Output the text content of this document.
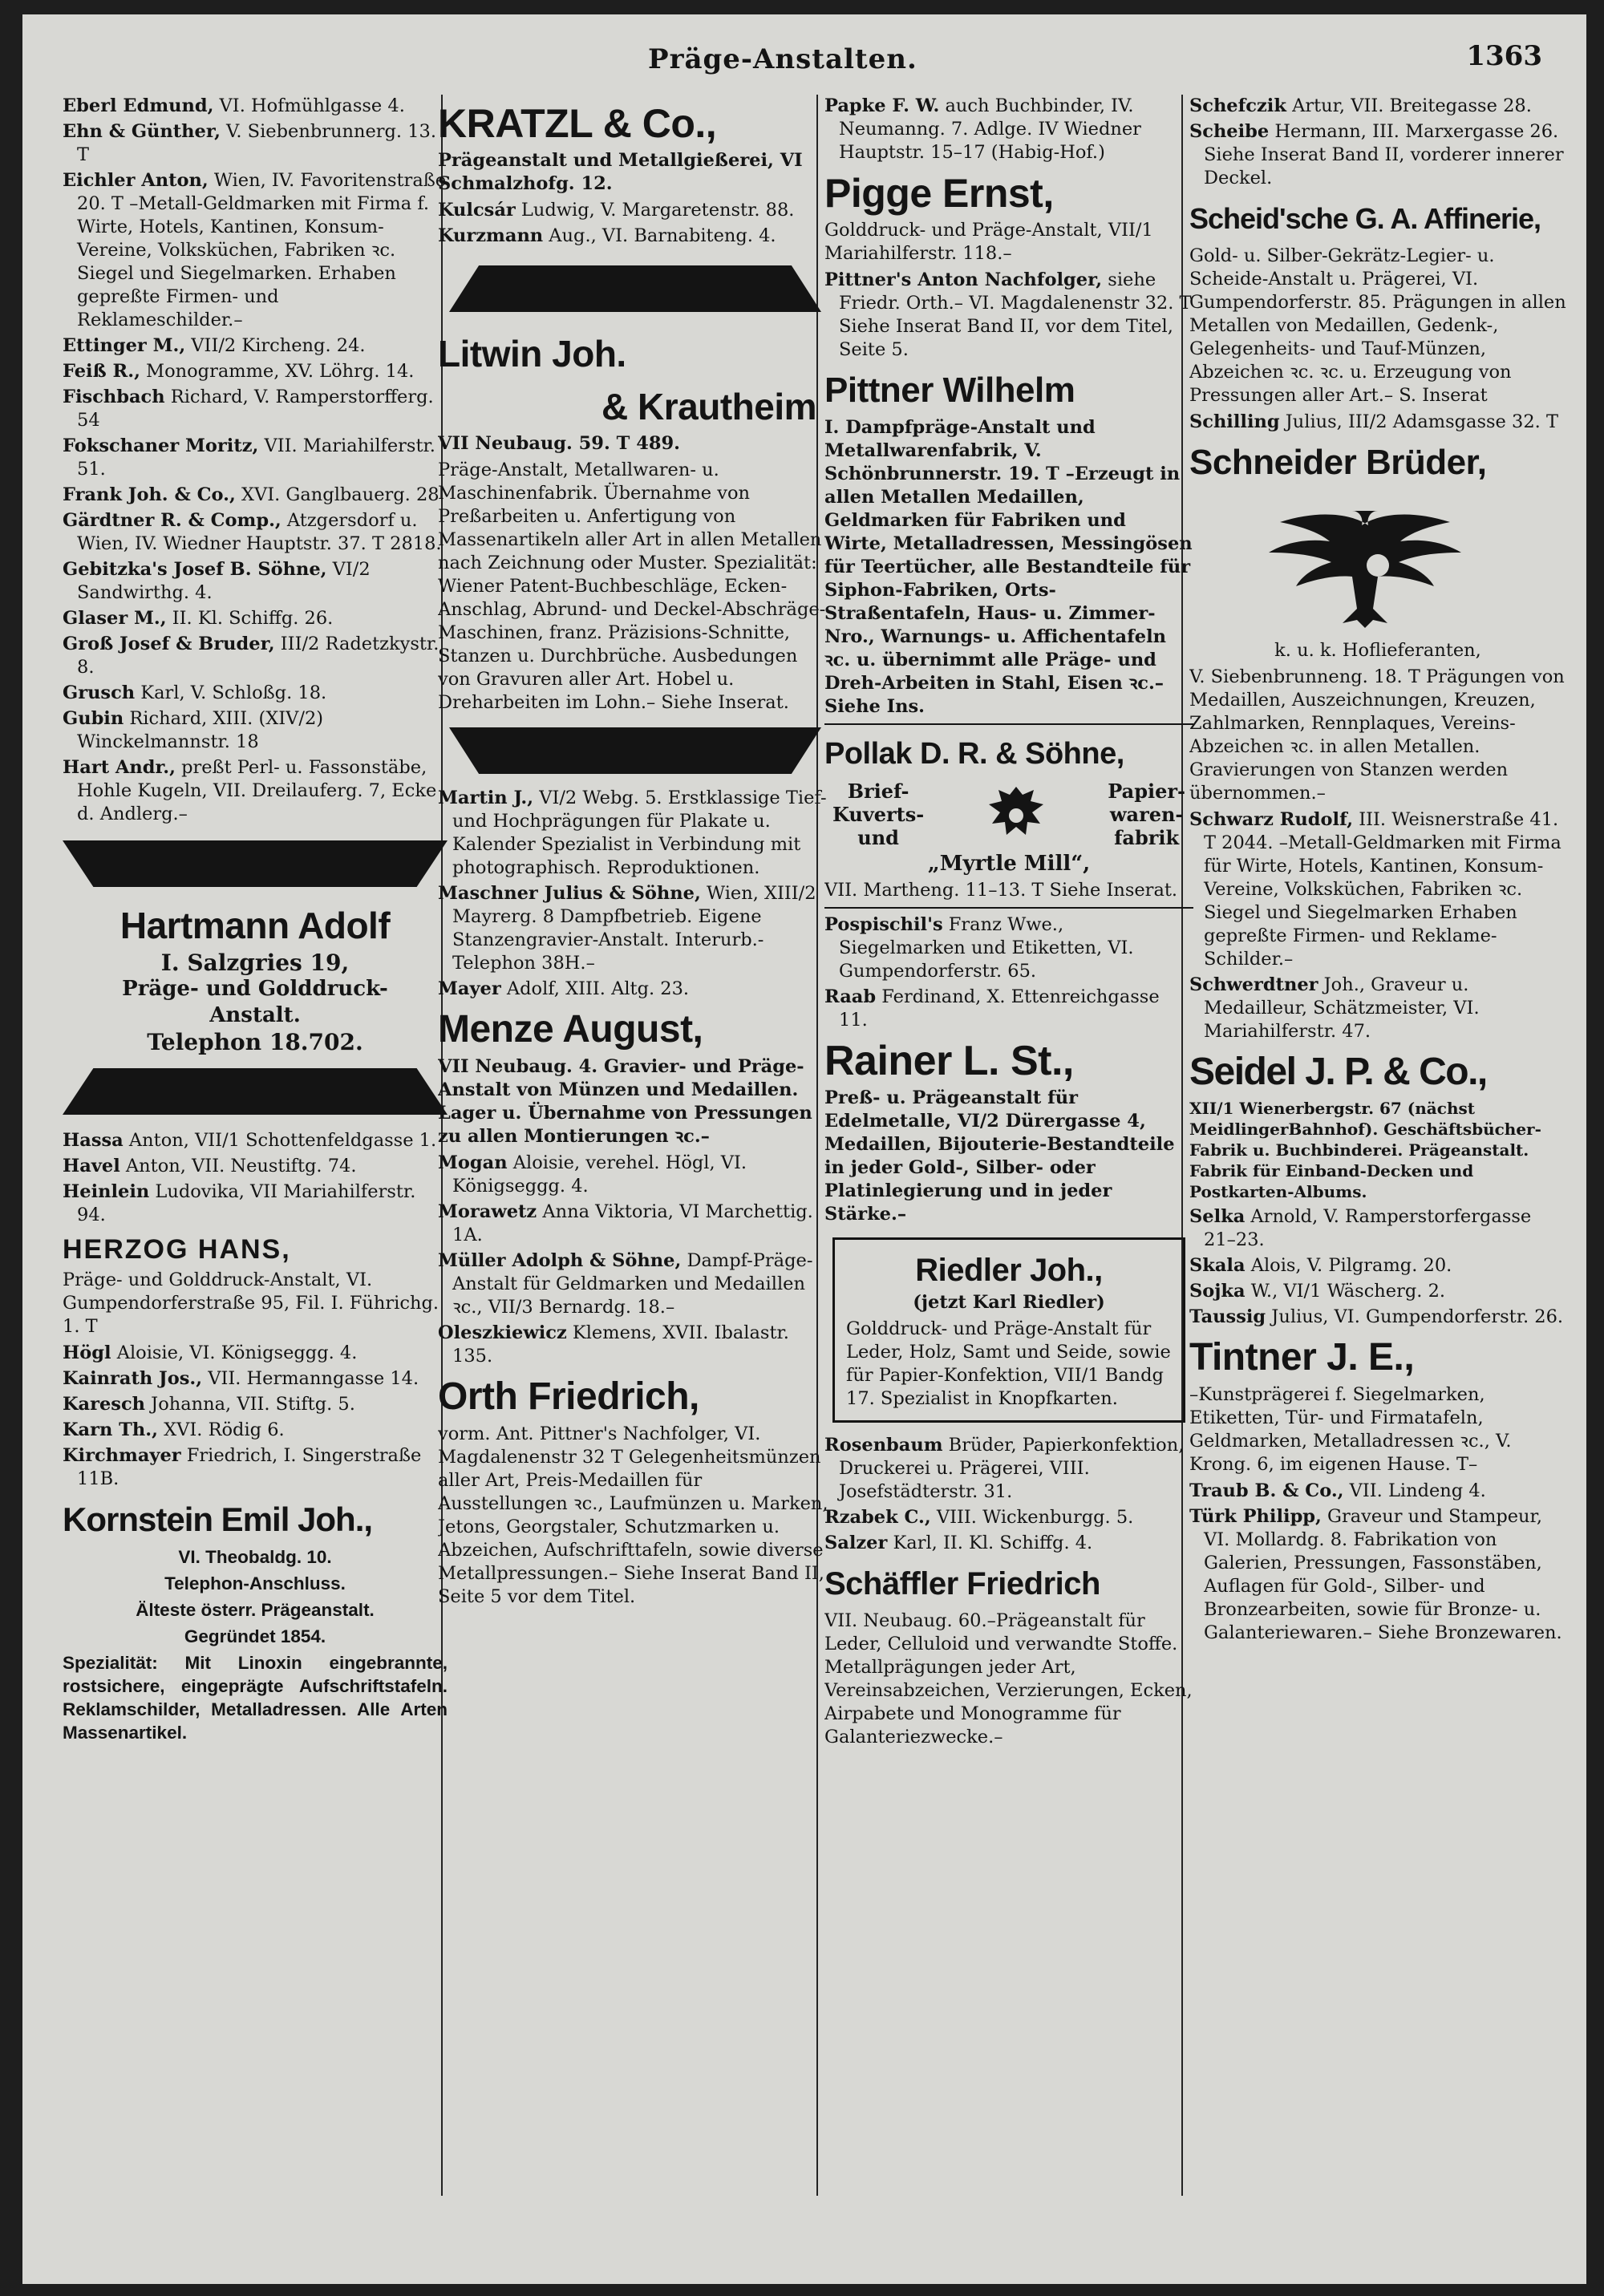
Präge-Anstalten.	1363

Eberl Edmund, VI. Hofmühlgasse 4.

Ehn & Günther, V. Siebenbrunnerg. 13. T

Eichler Anton, Wien, IV. Favoritenstraße 20. T –Metall-Geldmarken mit Firma f. Wirte, Hotels, Kantinen, Konsum-Vereine, Volksküchen, Fabriken ꝛc. Siegel und Siegelmarken. Erhaben gepreßte Firmen- und Reklameschilder.–

Ettinger M., VII/2 Kircheng. 24.

Feiß R., Monogramme, XV. Löhrg. 14.

Fischbach Richard, V. Ramperstorfferg. 54

Fokschaner Moritz, VII. Mariahilferstr. 51.

Frank Joh. & Co., XVI. Ganglbauerg. 28

Gärdtner R. & Comp., Atzgersdorf u. Wien, IV. Wiedner Hauptstr. 37. T 2818.

Gebitzka's Josef B. Söhne, VI/2 Sandwirthg. 4.

Glaser M., II. Kl. Schiffg. 26.

Groß Josef & Bruder, III/2 Radetzkystr. 8.

Grusch Karl, V. Schloßg. 18.

Gubin Richard, XIII. (XIV/2) Winckelmannstr. 18

Hart Andr., preßt Perl- u. Fassonstäbe, Hohle Kugeln, VII. Dreilauferg. 7, Ecke d. Andlerg.–

Hartmann Adolf
I. Salzgries 19,
Präge- und Golddruck-
Anstalt.
Telephon 18.702.

Hassa Anton, VII/1 Schottenfeldgasse 1.

Havel Anton, VII. Neustiftg. 74.

Heinlein Ludovika, VII Mariahilferstr. 94.

HERZOG HANS,
Präge- und Golddruck-Anstalt, VI. Gumpendorferstraße 95, Fil. I. Führichg. 1. T

Högl Aloisie, VI. Königseggg. 4.

Kainrath Jos., VII. Hermanngasse 14.

Karesch Johanna, VII. Stiftg. 5.

Karn Th., XVI. Rödig 6.

Kirchmayer Friedrich, I. Singerstraße 11B.

Kornstein Emil Joh.,
VI. Theobaldg. 10.
Telephon-Anschluss.
Älteste österr. Prägeanstalt.
Gegründet 1854.
Spezialität: Mit Linoxin eingebrannte, rostsichere, eingeprägte Aufschriftstafeln. Reklamschilder, Metalladressen. Alle Arten Massenartikel.
KRATZL & Co.,
Prägeanstalt und Metallgießerei, VI Schmalzhofg. 12.

Kulcsár Ludwig, V. Margaretenstr. 88.

Kurzmann Aug., VI. Barnabiteng. 4.

Litwin Joh.
& Krautheim
VII Neubaug. 59. T 489.
Präge-Anstalt, Metallwaren- u. Maschinenfabrik. Übernahme von Preßarbeiten u. Anfertigung von Massenartikeln aller Art in allen Metallen nach Zeichnung oder Muster. Spezialität: Wiener Patent-Buchbeschläge, Ecken-Anschlag, Abrund- und Deckel-Abschräge-Maschinen, franz. Präzisions-Schnitte, Stanzen u. Durchbrüche. Ausbedungen von Gravuren aller Art. Hobel u. Dreharbeiten im Lohn.– Siehe Inserat.

Martin J., VI/2 Webg. 5. Erstklassige Tief- und Hochprägungen für Plakate u. Kalender Spezialist in Verbindung mit photographisch. Reproduktionen.

Maschner Julius & Söhne, Wien, XIII/2 Mayrerg. 8 Dampfbetrieb. Eigene Stanzengravier-Anstalt. Interurb.-Telephon 38H.–

Mayer Adolf, XIII. Altg. 23.

Menze August,
VII Neubaug. 4. Gravier- und Präge-Anstalt von Münzen und Medaillen. Lager u. Übernahme von Pressungen zu allen Montierungen ꝛc.–

Mogan Aloisie, verehel. Högl, VI. Königseggg. 4.

Morawetz Anna Viktoria, VI Marchettig. 1A.

Müller Adolph & Söhne, Dampf-Präge-Anstalt für Geldmarken und Medaillen ꝛc., VII/3 Bernardg. 18.–

Oleszkiewicz Klemens, XVII. Ibalastr. 135.

Orth Friedrich,
vorm. Ant. Pittner's Nachfolger, VI. Magdalenenstr 32 T Gelegenheitsmünzen aller Art, Preis-Medaillen für Ausstellungen ꝛc., Laufmünzen u. Marken, Jetons, Georgstaler, Schutzmarken u. Abzeichen, Aufschrifttafeln, sowie diverse Metallpressungen.– Siehe Inserat Band II, Seite 5 vor dem Titel.

Papke F. W. auch Buchbinder, IV. Neumanng. 7. Adlge. IV Wiedner Hauptstr. 15–17 (Habig-Hof.)

Pigge Ernst,
Golddruck- und Präge-Anstalt, VII/1 Mariahilferstr. 118.–

Pittner's Anton Nachfolger, siehe Friedr. Orth.– VI. Magdalenenstr 32. T Siehe Inserat Band II, vor dem Titel, Seite 5.

Pittner Wilhelm
I. Dampfpräge-Anstalt und Metallwarenfabrik, V. Schönbrunnerstr. 19. T –Erzeugt in allen Metallen Medaillen, Geldmarken für Fabriken und Wirte, Metalladressen, Messingösen für Teertücher, alle Bestandteile für Siphon-Fabriken, Orts-Straßentafeln, Haus- u. Zimmer-Nro., Warnungs- u. Affichentafeln ꝛc. u. übernimmt alle Präge- und Dreh-Arbeiten in Stahl, Eisen ꝛc.– Siehe Ins.
Pollak D. R. & Söhne,
Brief-
Kuverts-
und
Papier-
waren-
fabrik
„Myrtle Mill“,
VII. Martheng. 11–13. T Siehe Inserat.

Pospischil's Franz Wwe., Siegelmarken und Etiketten, VI. Gumpendorferstr. 65.

Raab Ferdinand, X. Ettenreichgasse 11.

Rainer L. St.,
Preß- u. Prägeanstalt für Edelmetalle, VI/2 Dürergasse 4, Medaillen, Bijouterie-Bestandteile in jeder Gold-, Silber- oder Platinlegierung und in jeder Stärke.–
Riedler Joh.,
(jetzt Karl Riedler)
Golddruck- und Präge-Anstalt für Leder, Holz, Samt und Seide, sowie für Papier-Konfektion, VII/1 Bandg 17. Spezialist in Knopfkarten.

Rosenbaum Brüder, Papierkonfektion, Druckerei u. Prägerei, VIII. Josefstädterstr. 31.

Rzabek C., VIII. Wickenburgg. 5.

Salzer Karl, II. Kl. Schiffg. 4.

Schäffler Friedrich
VII. Neubaug. 60.–Prägeanstalt für Leder, Celluloid und verwandte Stoffe. Metallprägungen jeder Art, Vereinsabzeichen, Verzierungen, Ecken, Airpabete und Monogramme für Galanteriezwecke.–

Schefczik Artur, VII. Breitegasse 28.

Scheibe Hermann, III. Marxergasse 26. Siehe Inserat Band II, vorderer innerer Deckel.

Scheid'sche G. A. Affinerie,
Gold- u. Silber-Gekrätz-Legier- u. Scheide-Anstalt u. Prägerei, VI. Gumpendorferstr. 85. Prägungen in allen Metallen von Medaillen, Gedenk-, Gelegenheits- und Tauf-Münzen, Abzeichen ꝛc. ꝛc. u. Erzeugung von Pressungen aller Art.– S. Inserat

Schilling Julius, III/2 Adamsgasse 32. T

Schneider Brüder,
k. u. k. Hoflieferanten,
V. Siebenbrunneng. 18. T Prägungen von Medaillen, Auszeichnungen, Kreuzen, Zahlmarken, Rennplaques, Vereins-Abzeichen ꝛc. in allen Metallen. Gravierungen von Stanzen werden übernommen.–

Schwarz Rudolf, III. Weisnerstraße 41. T 2044. –Metall-Geldmarken mit Firma für Wirte, Hotels, Kantinen, Konsum-Vereine, Volksküchen, Fabriken ꝛc. Siegel und Siegelmarken Erhaben gepreßte Firmen- und Reklame-Schilder.–

Schwerdtner Joh., Graveur u. Medailleur, Schätzmeister, VI. Mariahilferstr. 47.

Seidel J. P. & Co.,
XII/1 Wienerbergstr. 67 (nächst MeidlingerBahnhof). Geschäftsbücher-Fabrik u. Buchbinderei. Prägeanstalt. Fabrik für Einband-Decken und Postkarten-Albums.

Selka Arnold, V. Ramperstorfergasse 21–23.

Skala Alois, V. Pilgramg. 20.

Sojka W., VI/1 Wäscherg. 2.

Taussig Julius, VI. Gumpendorferstr. 26.

Tintner J. E.,
–Kunstprägerei f. Siegelmarken, Etiketten, Tür- und Firmatafeln, Geldmarken, Metalladressen ꝛc., V. Krong. 6, im eigenen Hause. T–

Traub B. & Co., VII. Lindeng 4.

Türk Philipp, Graveur und Stampeur, VI. Mollardg. 8. Fabrikation von Galerien, Pressungen, Fassonstäben, Auflagen für Gold-, Silber- und Bronzearbeiten, sowie für Bronze- u. Galanteriewaren.– Siehe Bronzewaren.
